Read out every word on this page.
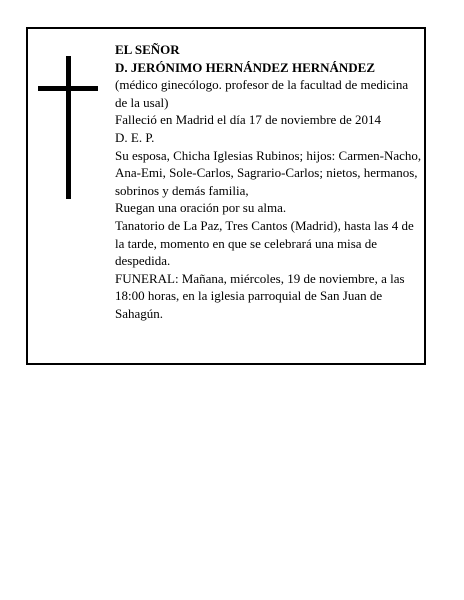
EL SEÑOR

D. JERÓNIMO HERNÁNDEZ HERNÁNDEZ

(médico ginecólogo. profesor de la facultad de medicina de la usal)

Falleció en Madrid el día 17 de noviembre de 2014

D. E. P.

Su esposa, Chicha Iglesias Rubinos; hijos: Carmen-Nacho, Ana-Emi, Sole-Carlos, Sagrario-Carlos; nietos, hermanos, sobrinos y demás familia,

Ruegan una oración por su alma.

Tanatorio de La Paz, Tres Cantos (Madrid), hasta las 4 de la tarde, momento en que se celebrará una misa de despedida.

FUNERAL: Mañana, miércoles, 19 de noviembre, a las 18:00 horas, en la iglesia parroquial de San Juan de Sahagún.
